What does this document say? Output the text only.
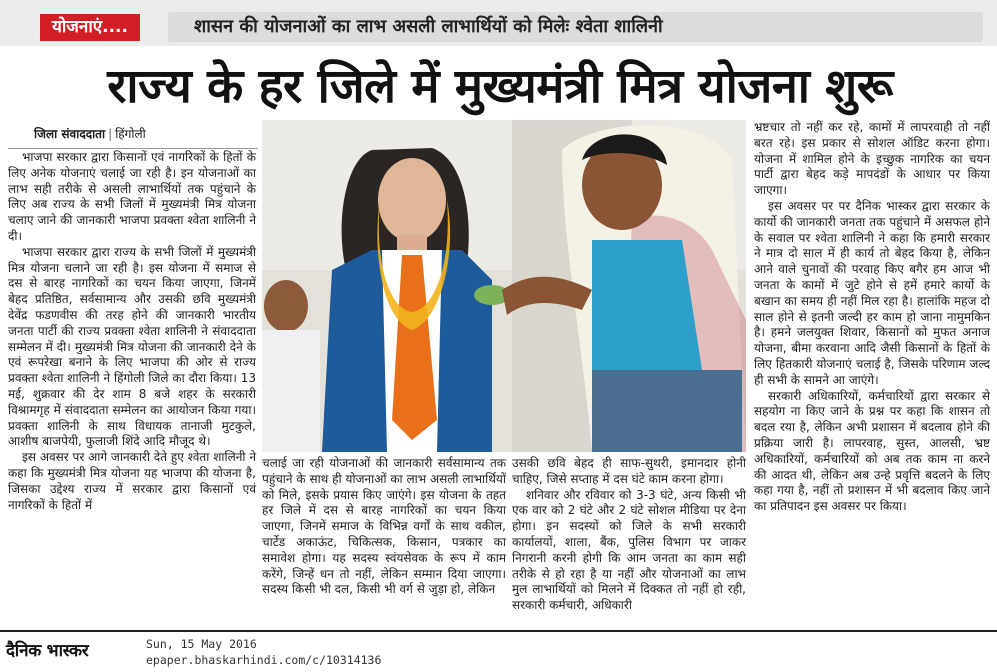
योजनाएं....	शासन की योजनाओं का लाभ असली लाभार्थियों को मिलेः श्वेता शालिनी
राज्य के हर जिले में मुख्यमंत्री मित्र योजना शुरू
जिला संवाददाता | हिंगोली

भाजपा सरकार द्वारा किसानों एवं नागरिकों के हितों के लिए अनेक योजनाएं चलाई जा रही है। इन योजनाओं का लाभ सही तरीके से असली लाभार्थियों तक पहुंचाने के लिए अब राज्य के सभी जिलों में मुख्यमंत्री मित्र योजना चलाए जाने की जानकारी भाजपा प्रवक्ता श्वेता शालिनी ने दी।

भाजपा सरकार द्वारा राज्य के सभी जिलों में मुख्यमंत्री मित्र योजना चलाने जा रही है। इस योजना में समाज से दस से बारह नागरिकों का चयन किया जाएगा, जिनमें बेहद प्रतिष्ठित, सर्वसामान्य और उसकी छवि मुख्यमंत्री देवेंद्र फडणवीस की तरह होने की जानकारी भारतीय जनता पार्टी की राज्य प्रवक्ता श्वेता शालिनी ने संवाददाता सम्मेलन में दी। मुख्यमंत्री मित्र योजना की जानकारी देने के एवं रूपरेखा बनाने के लिए भाजपा की ओर से राज्य प्रवक्ता श्वेता शालिनी ने हिंगोली जिले का दौरा किया। 13 मई, शुक्रवार की देर शाम 8 बजे शहर के सरकारी विश्रामगृह में संवाददाता सम्मेलन का आयोजन किया गया। प्रवक्ता शालिनी के साथ विधायक तानाजी मुटकुले, आशीष बाजपेयी, फुलाजी शिंदे आदि मौजूद थे।

इस अवसर पर आगे जानकारी देते हुए श्वेता शालिनी ने कहा कि मुख्यमंत्री मित्र योजना यह भाजपा की योजना है, जिसका उद्देश्य राज्य में सरकार द्वारा किसानों एवं नागरिकों के हितों में

चलाई जा रही योजनाओं की जानकारी सर्वसामान्य तक पहुंचाने के साथ ही योजनाओं का लाभ असली लाभार्थियों को मिले, इसके प्रयास किए जाएंगे। इस योजना के तहत हर जिले में दस से बारह नागरिकों का चयन किया जाएगा, जिनमें समाज के विभिन्न वर्गों के साथ वकील, चार्टेड अकाऊंट, चिकित्सक, किसान, पत्रकार का समावेश होगा। यह सदस्य स्वंयसेवक के रूप में काम करेंगे, जिन्हें धन तो नहीं, लेकिन सम्मान दिया जाएगा। सदस्य किसी भी दल, किसी भी वर्ग से जुड़ा हो, लेकिन

उसकी छवि बेहद ही साफ-सुथरी, इमानदार होनी चाहिए, जिसे सप्ताह में दस घंटे काम करना होगा।

शनिवार और रविवार को 3-3 घंटे, अन्य किसी भी एक वार को 2 घंटे और 2 घंटे सोशल मीडिया पर देना होगा। इन सदस्यों को जिले के सभी सरकारी कार्यालयों, शाला, बैंक, पुलिस विभाग पर जाकर निगरानी करनी होगी कि आम जनता का काम सही तरीके से हो रहा है या नहीं और योजनाओं का लाभ मुल लाभार्थियों को मिलने में दिक्कत तो नहीं हो रही, सरकारी कर्मचारी, अधिकारी

भ्रष्टचार तो नहीं कर रहे, कामों में लापरवाही तो नहीं बरत रहे। इस प्रकार से सोशल ऑडिट करना होगा। योजना में शामिल होने के इच्छुक नागरिक का चयन पार्टी द्वारा बेहद कड़े मापदंडों के आधार पर किया जाएगा।

इस अवसर पर पर दैनिक भास्कर द्वारा सरकार के कार्यो की जानकारी जनता तक पहुंचाने में असफल होने के सवाल पर श्वेता शालिनी ने कहा कि हमारी सरकार ने मात्र दो साल में ही कार्य तो बेहद किया है, लेकिन आने वाले चुनावों की परवाह किए बगैर हम आज भी जनता के कामों में जुटे होने से हमें हमारे कार्यो के बखान का समय ही नहीं मिल रहा है। हालांकि महज दो साल होने से इतनी जल्दी हर काम हो जाना नामुमकिन है। हमने जलयुक्त शिवार, किसानों को मुफत अनाज योजना, बीमा करवाना आदि जैसी किसानों के हितों के लिए हितकारी योजनाएं चलाई है, जिसके परिणाम जल्द ही सभी के सामने आ जाएंगे।

सरकारी अधिकारियों, कर्मचारियों द्वारा सरकार से सहयोग ना किए जाने के प्रश्न पर कहा कि शासन तो बदल रया है, लेकिन अभी प्रशासन में बदलाव होने की प्रक्रिया जारी है। लापरवाह, सुस्त, आलसी, भ्रष्ट अधिकारियों, कर्मचारियों को अब तक काम ना करने की आदत थी, लेकिन अब उन्हे प्रवृत्ति बदलने के लिए कहा गया है, नहीं तो प्रशासन में भी बदलाव किए जाने का प्रतिपादन इस अवसर पर किया।

दैनिक भास्कर	Sun, 15 May 2016
epaper.bhaskarhindi.com/c/10314136
